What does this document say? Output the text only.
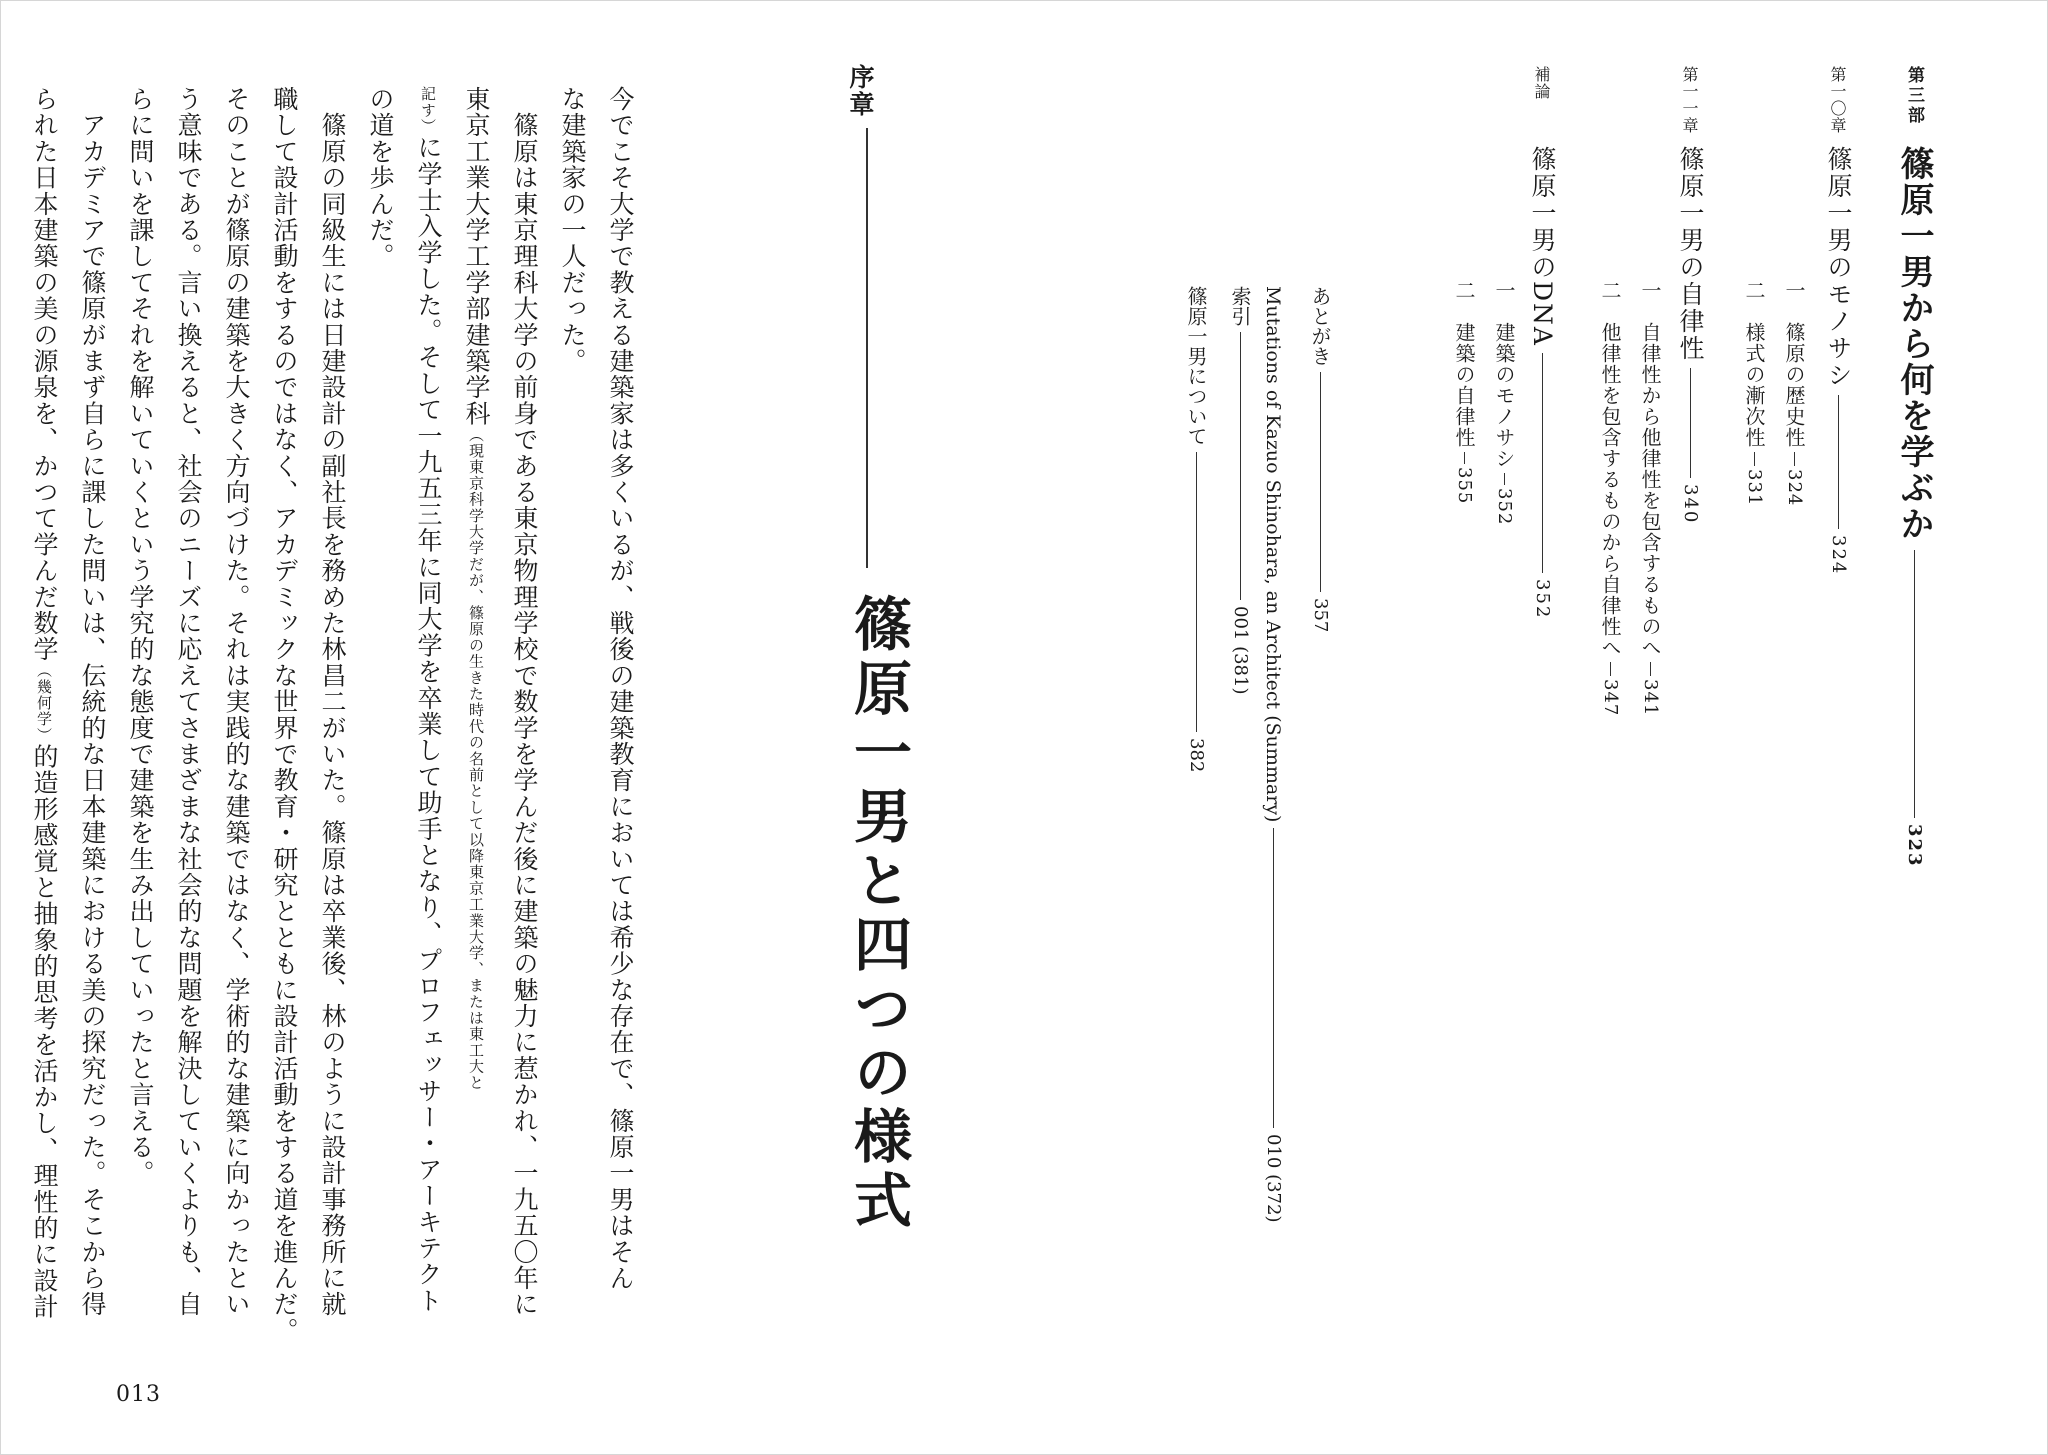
第三部
篠原一男から何を学ぶか323
第一〇章
篠原一男のモノサシ324
一
篠原の歴史性324
二
様式の漸次性331
第一一章
篠原一男の自律性340
一
自律性から他律性を包含するものへ341
二
他律性を包含するものから自律性へ347
補論
篠原一男のDNA352
一
建築のモノサシ352
二
建築の自律性355
あとがき357
Mutations of Kazuo Shinohara, an Architect (Summary)010 (372)
索引001 (381)
篠原一男について382
序章
篠原一男と四つの様式
今でこそ大学で教える建築家は多くいるが、戦後の建築教育においては希少な存在で、篠原一男はそん
な建築家の一人だった。
　篠原は東京理科大学の前身である東京物理学校で数学を学んだ後に建築の魅力に惹かれ、一九五〇年に
東京工業大学工学部建築学科（現東京科学大学だが、篠原の生きた時代の名前として以降東京工業大学、または東工大と
記す）に学士入学した。そして一九五三年に同大学を卒業して助手となり、プロフェッサー・アーキテクト
の道を歩んだ。
　篠原の同級生には日建設計の副社長を務めた林昌二がいた。篠原は卒業後、林のように設計事務所に就
職して設計活動をするのではなく、アカデミックな世界で教育・研究とともに設計活動をする道を進んだ。
そのことが篠原の建築を大きく方向づけた。それは実践的な建築ではなく、学術的な建築に向かったとい
う意味である。言い換えると、社会のニーズに応えてさまざまな社会的な問題を解決していくよりも、自
らに問いを課してそれを解いていくという学究的な態度で建築を生み出していったと言える。
　アカデミアで篠原がまず自らに課した問いは、伝統的な日本建築における美の探究だった。そこから得
られた日本建築の美の源泉を、かつて学んだ数学（幾何学）的造形感覚と抽象的思考を活かし、理性的に設計
013
